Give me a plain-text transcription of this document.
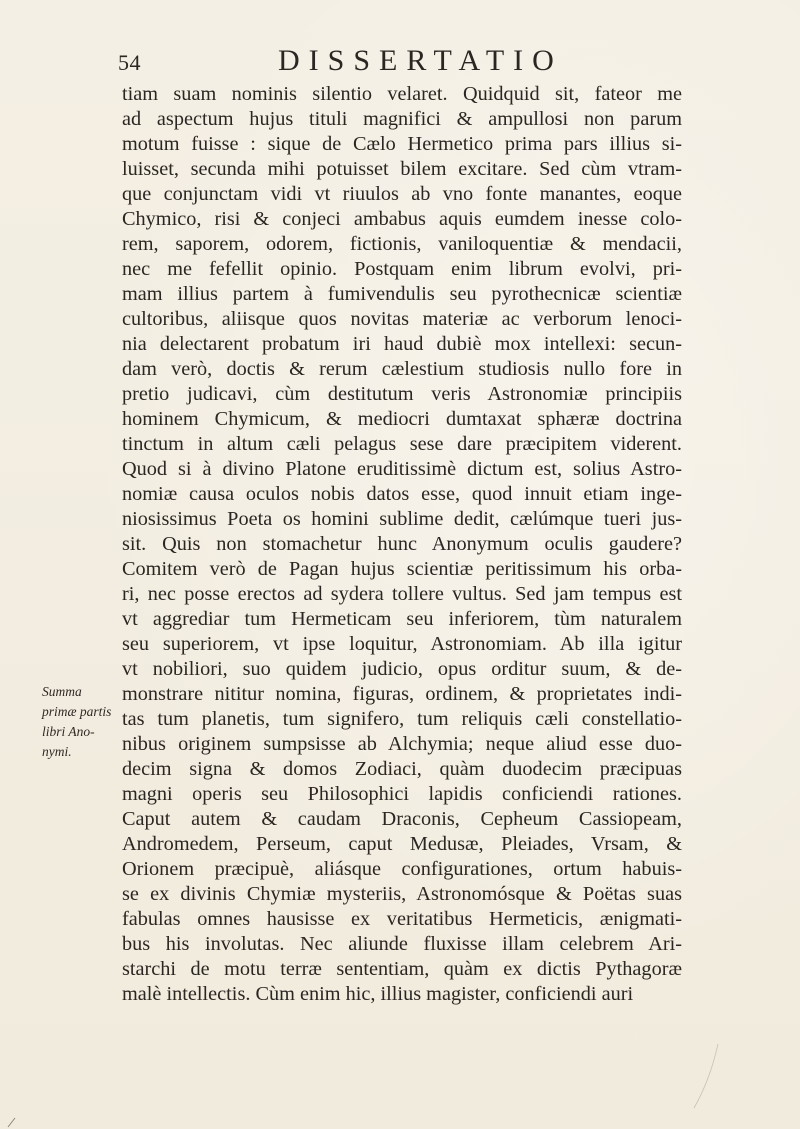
54	DISSERTATIO
Summa
primæ partis
libri Ano-
nymi.
tiam suam nominis silentio velaret. Quidquid sit, fateor me
ad aspectum hujus tituli magnifici & ampullosi non parum
motum fuisse : sique de Cælo Hermetico prima pars illius si-
luisset, secunda mihi potuisset bilem excitare. Sed cùm vtram-
que conjunctam vidi vt riuulos ab vno fonte manantes, eoque
Chymico, risi & conjeci ambabus aquis eumdem inesse colo-
rem, saporem, odorem, fictionis, vaniloquentiæ & mendacii,
nec me fefellit opinio. Postquam enim librum evolvi, pri-
mam illius partem à fumivendulis seu pyrothecnicæ scientiæ
cultoribus, aliisque quos novitas materiæ ac verborum lenoci-
nia delectarent probatum iri haud dubiè mox intellexi: secun-
dam verò, doctis & rerum cælestium studiosis nullo fore in
pretio judicavi, cùm destitutum veris Astronomiæ principiis
hominem Chymicum, & mediocri dumtaxat sphæræ doctrina
tinctum in altum cæli pelagus sese dare præcipitem viderent.
Quod si à divino Platone eruditissimè dictum est, solius Astro-
nomiæ causa oculos nobis datos esse, quod innuit etiam inge-
niosissimus Poeta os homini sublime dedit, cælúmque tueri jus-
sit. Quis non stomachetur hunc Anonymum oculis gaudere?
Comitem verò de Pagan hujus scientiæ peritissimum his orba-
ri, nec posse erectos ad sydera tollere vultus. Sed jam tempus est
vt aggrediar tum Hermeticam seu inferiorem, tùm naturalem
seu superiorem, vt ipse loquitur, Astronomiam. Ab illa igitur
vt nobiliori, suo quidem judicio, opus orditur suum, & de-
monstrare nititur nomina, figuras, ordinem, & proprietates indi-
tas tum planetis, tum signifero, tum reliquis cæli constellatio-
nibus originem sumpsisse ab Alchymia; neque aliud esse duo-
decim signa & domos Zodiaci, quàm duodecim præcipuas
magni operis seu Philosophici lapidis conficiendi rationes.
Caput autem & caudam Draconis, Cepheum Cassiopeam,
Andromedem, Perseum, caput Medusæ, Pleiades, Vrsam, &
Orionem præcipuè, aliásque configurationes, ortum habuis-
se ex divinis Chymiæ mysteriis, Astronomósque & Poëtas suas
fabulas omnes hausisse ex veritatibus Hermeticis, ænigmati-
bus his involutas. Nec aliunde fluxisse illam celebrem Ari-
starchi de motu terræ sententiam, quàm ex dictis Pythagoræ
malè intellectis. Cùm enim hic, illius magister, conficiendi auri
